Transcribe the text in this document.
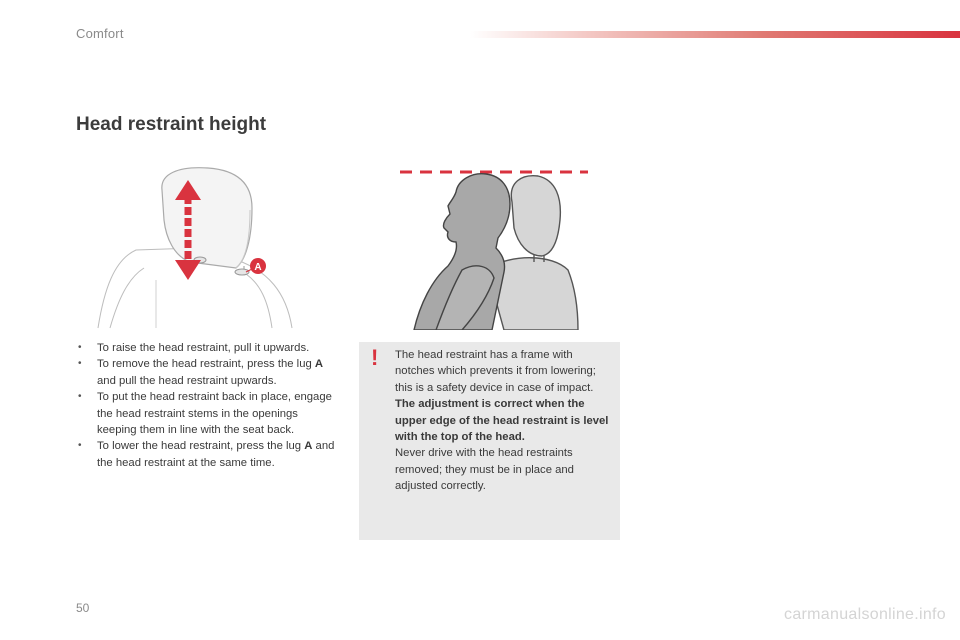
Comfort
Head restraint height
A
• To raise the head restraint, pull it upwards.
• To remove the head restraint, press the lug A and pull the head restraint upwards.
• To put the head restraint back in place, engage the head restraint stems in the openings keeping them in line with the seat back.
• To lower the head restraint, press the lug A and the head restraint at the same time.
! The head restraint has a frame with notches which prevents it from lowering; this is a safety device in case of impact.

The adjustment is correct when the upper edge of the head restraint is level with the top of the head.

Never drive with the head restraints removed; they must be in place and adjusted correctly.

50	carmanualsonline.info
